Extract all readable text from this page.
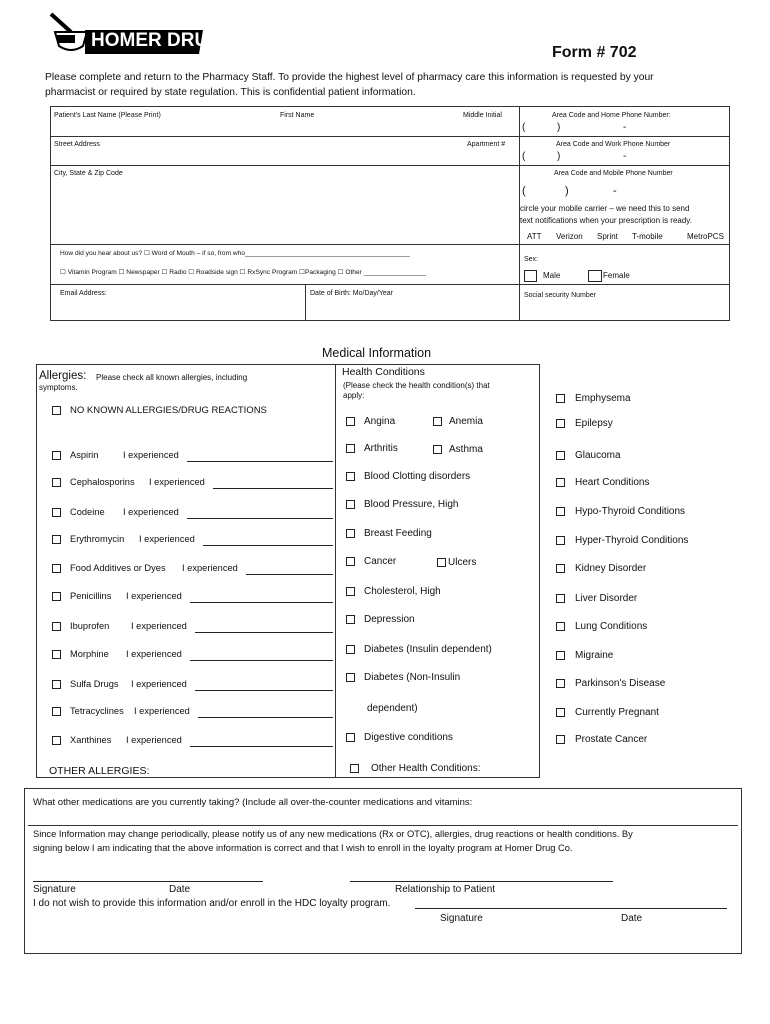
HOMER DRUGS
Form # 702
Please complete and return to the Pharmacy Staff. To provide the highest level of pharmacy care this information is requested by your
pharmacist or required by state regulation. This is confidential patient information.
Patient's Last Name (Please Print)	First Name	Middle Initial	Area Code and Home Phone Number:
(	)	-
Street Address	Apartment #	Area Code and Work Phone Number
(	)	-
City, State & Zip Code	Area Code and Mobile Phone Number
(	)	-
circle your mobile carrier – we need this to send
text notifications when your prescription is ready.
ATT Verizon Sprint T-mobile	MetroPCS
How did you hear about us? ☐ Word of Mouth – if so, from who_____________________________________________
☐ Vitamin Program ☐ Newspaper ☐ Radio ☐ Roadside sign ☐ RxSync Program ☐Packaging ☐ Other _________________
Sex:
Male	Female
Email Address:	Date of Birth: Mo/Day/Year	Social security Number
Medical Information
Allergies: Please check all known allergies, including
symptoms.
NO KNOWN ALLERGIES/DRUG REACTIONS
Aspirin	I experienced
Cephalosporins I experienced
Codeine I experienced
Erythromycin I experienced
Food Additives or Dyes I experienced
Penicillins I experienced
Ibuprofen I experienced
Morphine I experienced
Sulfa Drugs I experienced
Tetracyclines I experienced
Xanthines I experienced
OTHER ALLERGIES:
Health Conditions
(Please check the health condition(s) that
apply:
Angina	Anemia
Arthritis	Asthma
Blood Clotting disorders
Blood Pressure, High
Breast Feeding
Cancer	Ulcers
Cholesterol, High
Depression
Diabetes (Insulin dependent)
Diabetes (Non-Insulin
dependent)
Digestive conditions
Other Health Conditions:
Emphysema
Epilepsy
Glaucoma
Heart Conditions
Hypo-Thyroid Conditions
Hyper-Thyroid Conditions
Kidney Disorder
Liver Disorder
Lung Conditions
Migraine
Parkinson's Disease
Currently Pregnant
Prostate Cancer
What other medications are you currently taking? (Include all over-the-counter medications and vitamins:
Since Information may change periodically, please notify us of any new medications (Rx or OTC), allergies, drug reactions or health conditions. By
signing below I am indicating that the above information is correct and that I wish to enroll in the loyalty program at Homer Drug Co.
Signature	Date	Relationship to Patient
I do not wish to provide this information and/or enroll in the HDC loyalty program.
Signature	Date
